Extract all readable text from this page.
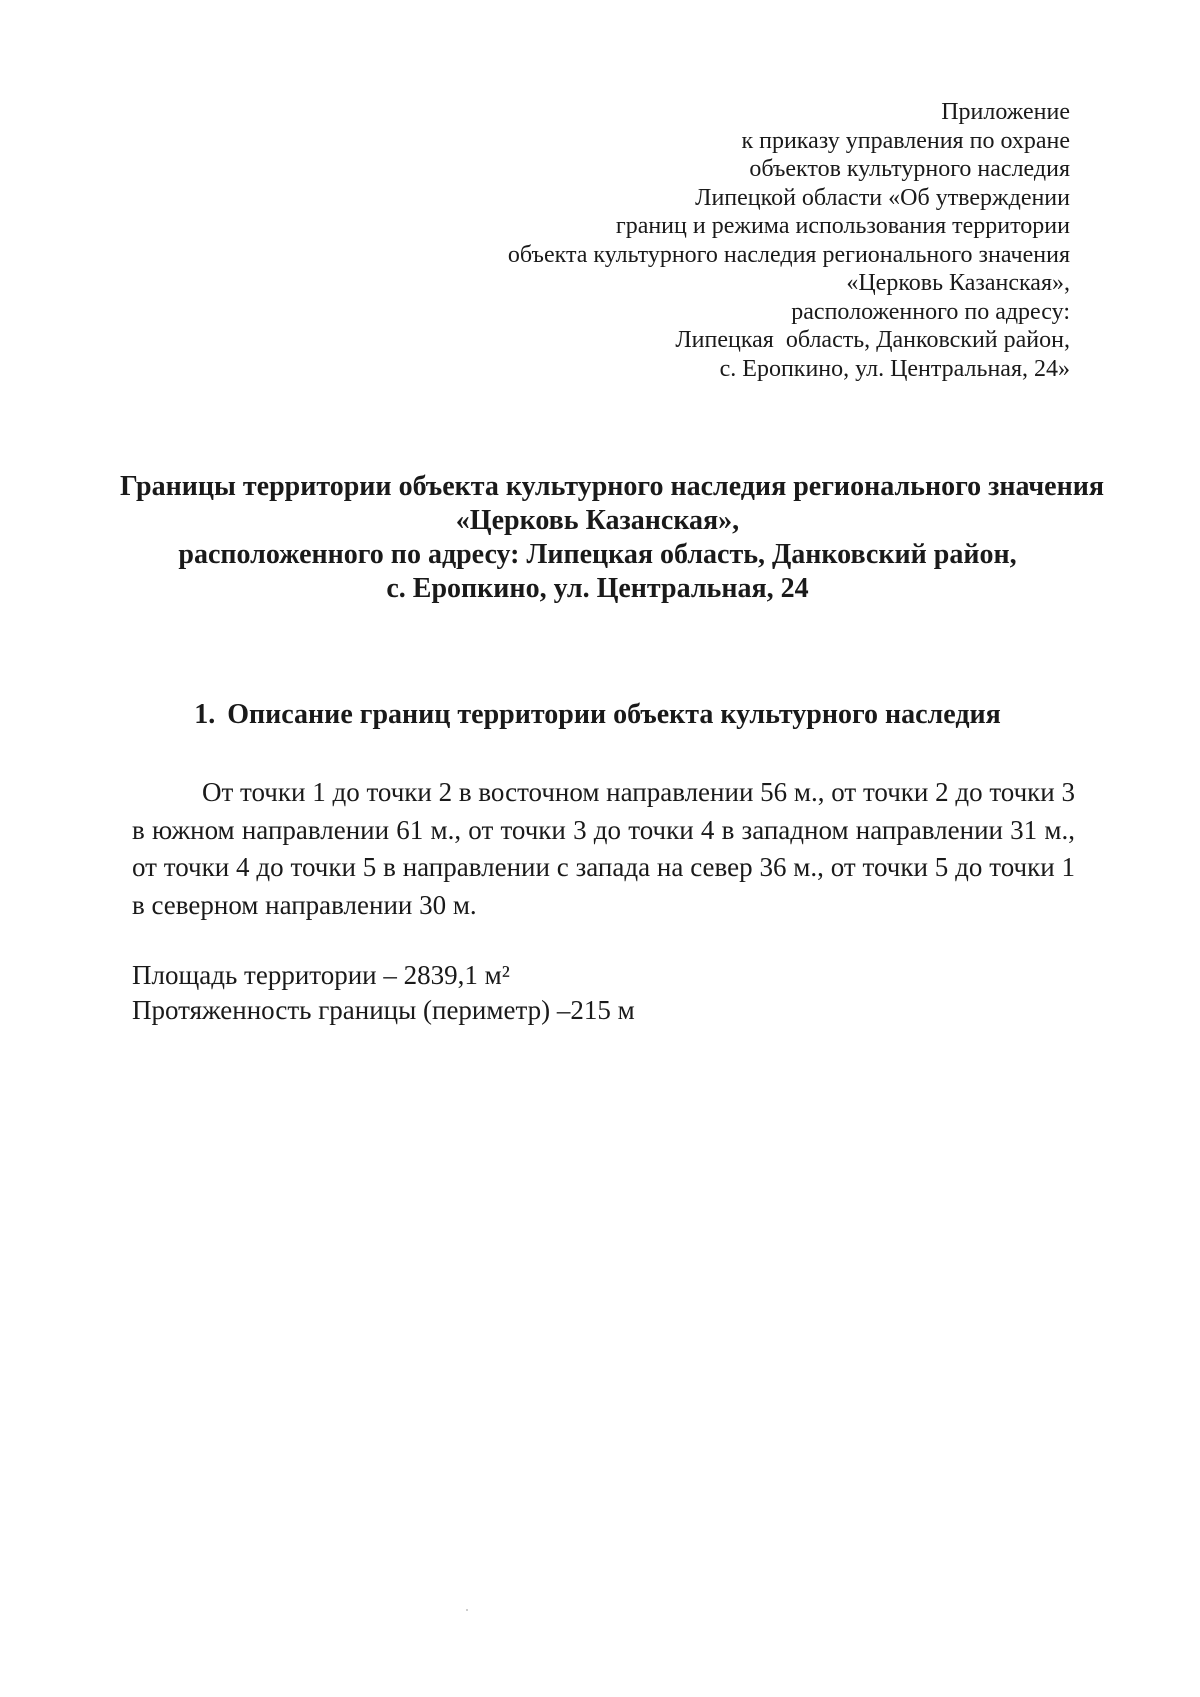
Приложение
к приказу управления по охране
объектов культурного наследия
Липецкой области «Об утверждении
границ и режима использования территории
объекта культурного наследия регионального значения
«Церковь Казанская»,
расположенного по адресу:
Липецкая  область, Данковский район,
с. Еропкино, ул. Центральная, 24»
Границы территории объекта культурного наследия регионального значения
«Церковь Казанская»,
расположенного по адресу: Липецкая область, Данковский район,
с. Еропкино, ул. Центральная, 24
1. Описание границ территории объекта культурного наследия

От точки 1 до точки 2 в восточном направлении 56 м., от точки 2 до точки 3 в южном направлении 61 м., от точки 3 до точки 4 в западном направлении 31 м., от точки 4 до точки 5 в направлении с запада на север 36 м., от точки 5 до точки 1 в северном направлении 30 м.

Площадь территории – 2839,1 м²
Протяженность границы (периметр) –215 м
